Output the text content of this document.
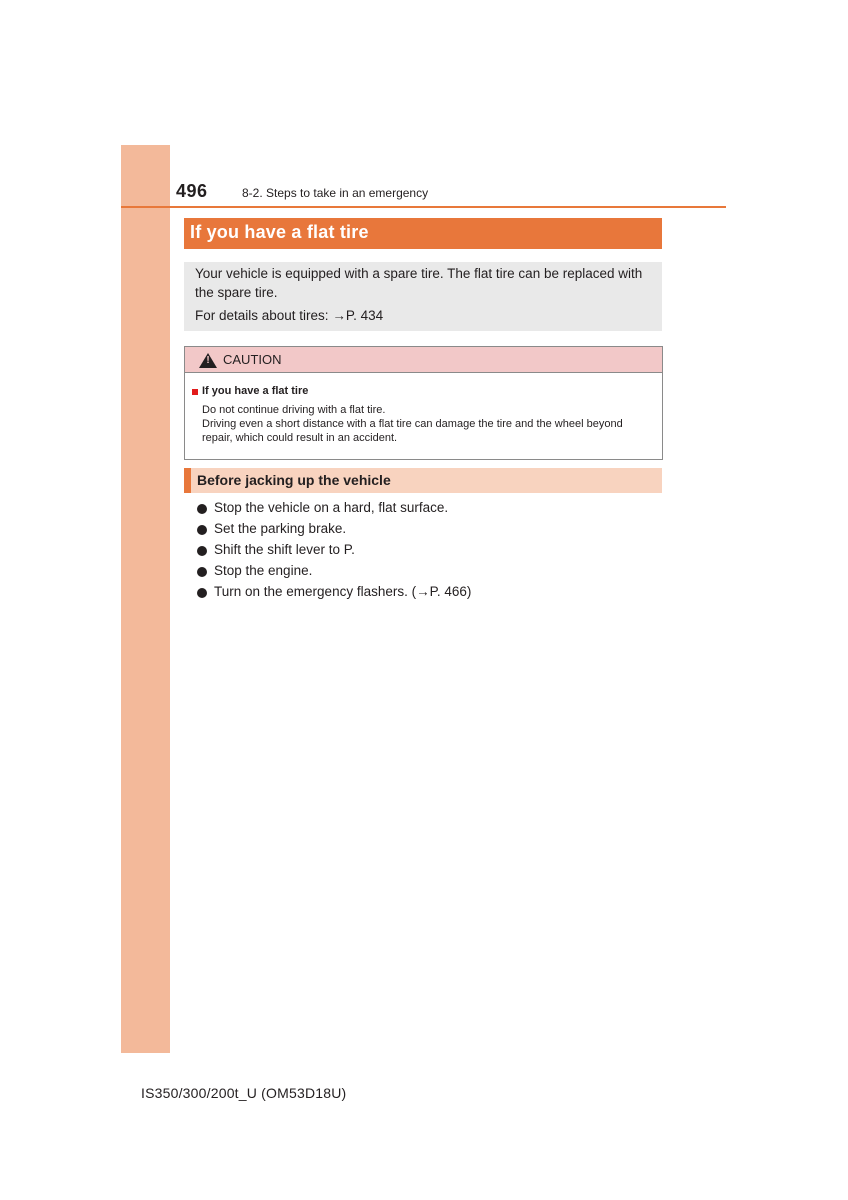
496	8-2. Steps to take in an emergency
If you have a flat tire
Your vehicle is equipped with a spare tire. The flat tire can be replaced with
the spare tire.
For details about tires: →P. 434
! CAUTION
If you have a flat tire
Do not continue driving with a flat tire.
Driving even a short distance with a flat tire can damage the tire and the wheel beyond
repair, which could result in an accident.
Before jacking up the vehicle
Stop the vehicle on a hard, flat surface.
Set the parking brake.
Shift the shift lever to P.
Stop the engine.
Turn on the emergency flashers. (→P. 466)
IS350/300/200t_U (OM53D18U)
